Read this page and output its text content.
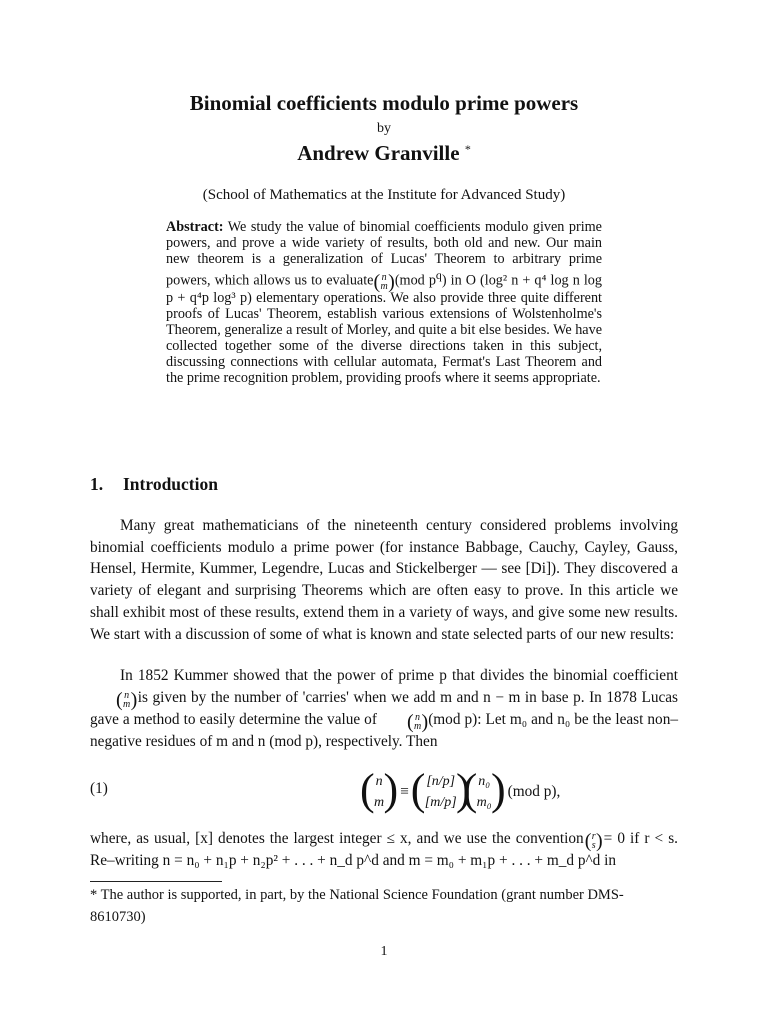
Binomial coefficients modulo prime powers
by
Andrew Granville *
(School of Mathematics at the Institute for Advanced Study)
Abstract: We study the value of binomial coefficients modulo given prime powers, and prove a wide variety of results, both old and new. Our main new theorem is a generalization of Lucas' Theorem to arbitrary prime powers, which allows us to evaluate ( n
m
) (mod $p^q$) in O (log² n + q⁴ log n log p + q⁴p log³ p) elementary operations. We also provide three quite different proofs of Lucas' Theorem, establish various extensions of Wolstenholme's Theorem, generalize a result of Morley, and quite a bit else besides. We have collected together some of the diverse directions taken in this subject, discussing connections with cellular automata, Fermat's Last Theorem and the prime recognition problem, providing proofs where it seems appropriate.
1. Introduction
Many great mathematicians of the nineteenth century considered problems involving binomial coefficients modulo a prime power (for instance Babbage, Cauchy, Cayley, Gauss, Hensel, Hermite, Kummer, Legendre, Lucas and Stickelberger — see [Di]). They discovered a variety of elegant and surprising Theorems which are often easy to prove. In this article we shall exhibit most of these results, extend them in a variety of ways, and give some new results. We start with a discussion of some of what is known and state selected parts of our new results:
In 1852 Kummer showed that the power of prime p that divides the binomial coefficient
( n
m
) is given by the number of 'carries' when we add m and n − m in base p. In 1878 Lucas gave a method to easily determine the value of	( n
m
) (mod p): Let m₀ and n₀ be the least non–negative residues of m and n (mod p), respectively. Then
(1)	( n
m
)
≡
( [n/p]
[m/p]
)
( n₀
m₀
)
(mod p),
where, as usual, [x] denotes the largest integer ≤ x, and we use the convention ( r
s
) = 0 if r < s. Re–writing n = n₀ + n₁p + n₂p² + . . . + n_d p^d and m = m₀ + m₁p + . . . + m_d p^d in
* The author is supported, in part, by the National Science Foundation (grant number DMS-8610730)
1
